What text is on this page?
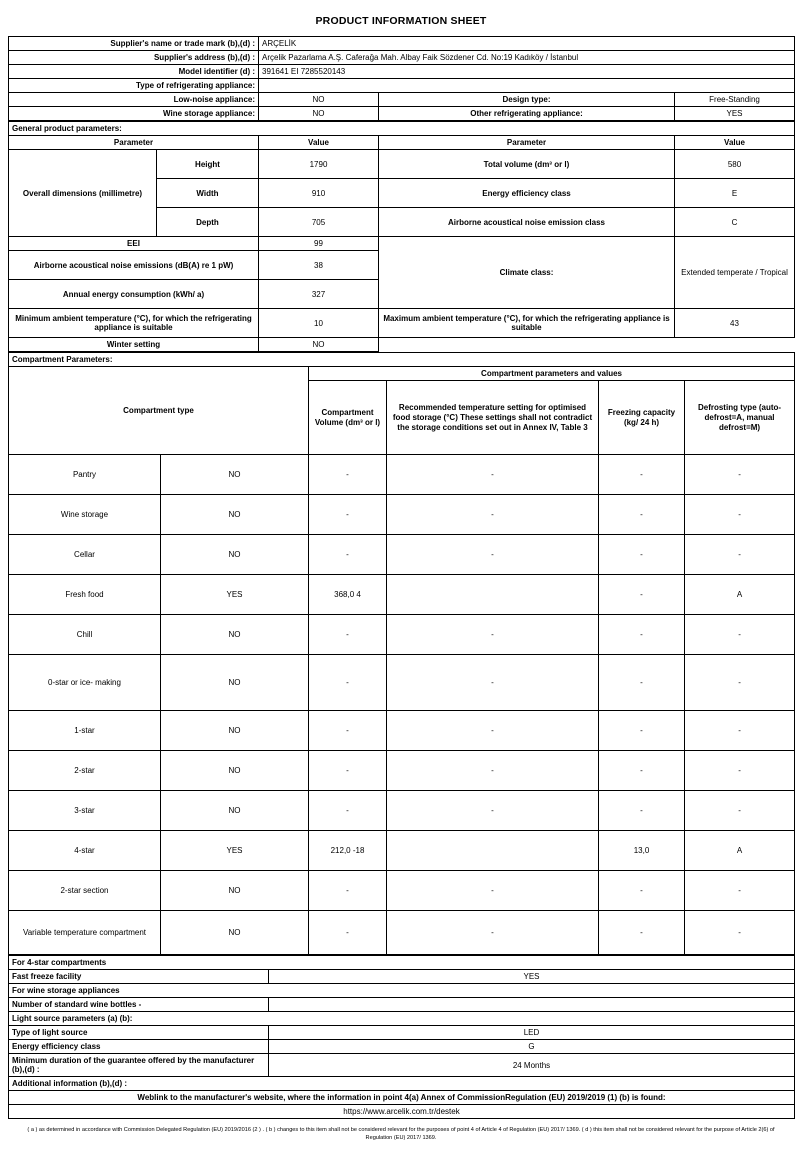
PRODUCT INFORMATION SHEET
Supplier's name or trade mark (b),(d) :	ARÇELİK		
Supplier's address (b),(d) :	Arçelik Pazarlama A.Ş. Caferağa Mah. Albay Faik Sözdener Cd. No:19 Kadıköy / İstanbul		
Model identifier (d) :	391641 EI 7285520143		
Type of refrigerating appliance:			
Low-noise appliance:	NO	Design type:	Free-Standing
Wine storage appliance:	NO	Other refrigerating appliance:	YES
General product parameters:				
Parameter		Value	Parameter	Value
Overall dimensions (millimetre)	Height	1790	Total volume (dm³ or l)	580
	Width	910	Energy efficiency class	E
	Depth	705	Airborne acoustical noise emission class	C
EEI		99	Climate class:	Extended temperate / Tropical
Airborne acoustical noise emissions (dB(A) re 1 pW)		38		
Annual energy consumption (kWh/ a)		327		
Minimum ambient temperature (°C), for which the refrigerating appliance is suitable		10	Maximum ambient temperature (°C), for which the refrigerating appliance is suitable	43
Winter setting		NO		
Compartment Parameters:					
Compartment type		Compartment parameters and values			
		Compartment Volume (dm³ or l)	Recommended temperature setting for optimised food storage (°C) These settings shall not contradict the storage conditions set out in Annex IV, Table 3	Freezing capacity (kg/ 24 h)	Defrosting type (auto-defrost=A, manual defrost=M)
Pantry	NO	-	-	-	-
Wine storage	NO	-	-	-	-
Cellar	NO	-	-	-	-
Fresh food	YES	368,0 4		-	A
Chill	NO	-	-	-	-
0-star or ice- making	NO	-	-	-	-
1-star	NO	-	-	-	-
2-star	NO	-	-	-	-
3-star	NO	-	-	-	-
4-star	YES	212,0 -18		13,0	A
2-star section	NO	-	-	-	-
Variable temperature compartment	NO	-	-	-	-
For 4-star compartments	
Fast freeze facility	YES
For wine storage appliances	
Number of standard wine bottles -	
Light source parameters (a) (b):	
Type of light source	LED
Energy efficiency class	G
Minimum duration of the guarantee offered by the manufacturer (b),(d) :	24 Months
Additional information (b),(d) :	
Weblink to the manufacturer's website, where the information in point 4(a) Annex of CommissionRegulation (EU) 2019/2019 (1) (b) is found:	
https://www.arcelik.com.tr/destek	
( a ) as determined in accordance with Commission Delegated Regulation (EU) 2019/2016 (2 ) . ( b ) changes to this item shall not be considered relevant for the purposes of point 4 of Article 4 of Regulation (EU) 2017/ 1369. ( d ) this item shall not be considered relevant for the purpose of Article 2(6) of Regulation (EU) 2017/ 1369.
